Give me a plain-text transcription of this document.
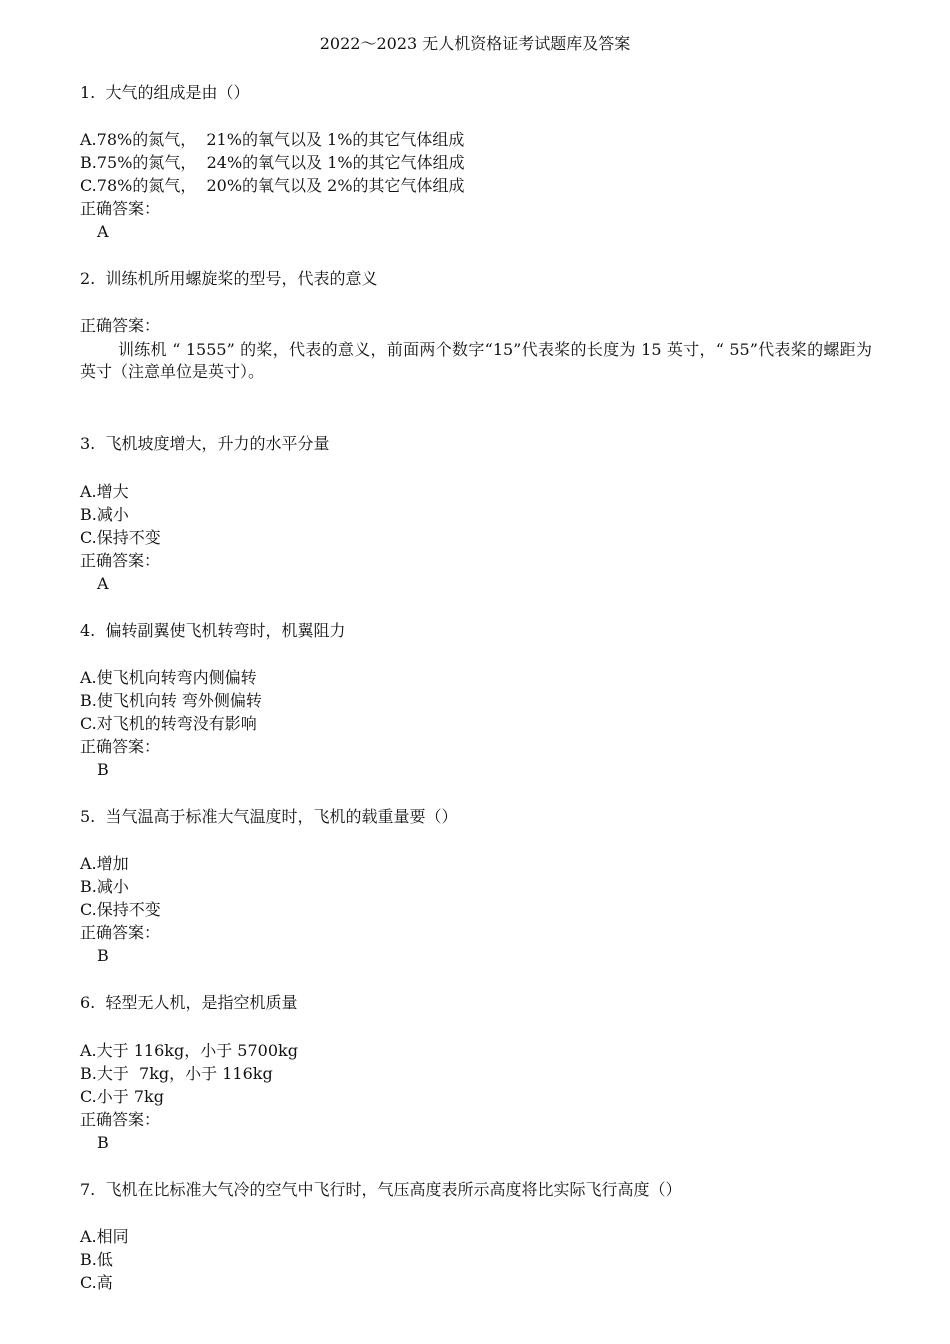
2022～2023 无人机资格证考试题库及答案
1.  大气的组成是由（）
A.78%的氮气，  21%的氧气以及 1%的其它气体组成
B.75%的氮气，  24%的氧气以及 1%的其它气体组成
C.78%的氮气，  20%的氧气以及 2%的其它气体组成
正确答案：
A
2.  训练机所用螺旋桨的型号，代表的意义
正确答案：
训练机 “ 1555” 的桨，代表的意义，前面两个数字“15”代表桨的长度为 15 英寸，“ 55”代表桨的螺距为英寸（注意单位是英寸）。
3.  飞机坡度增大，升力的水平分量
A.增大
B.减小
C.保持不变
正确答案：
A
4.  偏转副翼使飞机转弯时，机翼阻力
A.使飞机向转弯内侧偏转
B.使飞机向转 弯外侧偏转
C.对飞机的转弯没有影响
正确答案：
B
5.  当气温高于标准大气温度时，飞机的载重量要（）
A.增加
B.减小
C.保持不变
正确答案：
B
6.  轻型无人机，是指空机质量
A.大于 116kg，小于 5700kg
B.大于  7kg，小于 116kg
C.小于 7kg
正确答案：
B
7.  飞机在比标准大气冷的空气中飞行时，气压高度表所示高度将比实际飞行高度（）
A.相同
B.低
C.高
